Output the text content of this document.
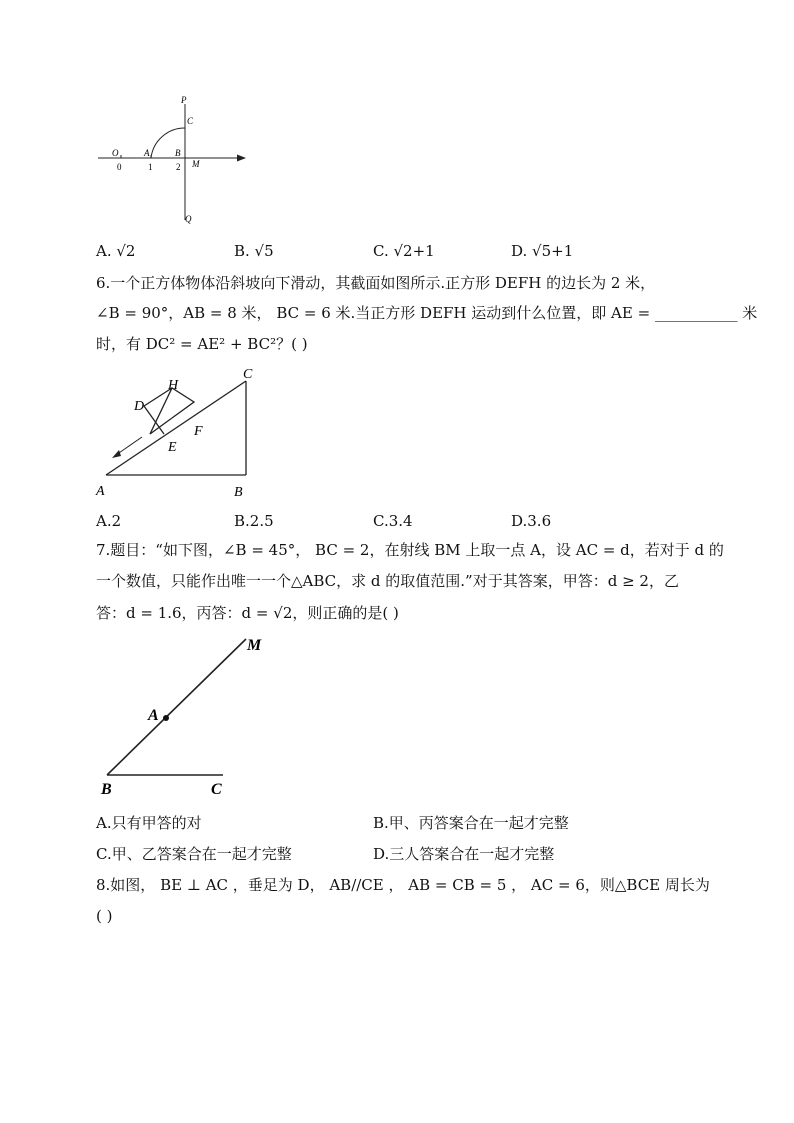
P
C
O	A	B
M
Q
0	1	2
A. √2	B. √5	C. √2+1	D. √5+1
6.一个正方体物体沿斜坡向下滑动，其截面如图所示.正方形 DEFH 的边长为 2 米，
∠B = 90°，AB = 8 米， BC = 6 米.当正方形 DEFH 运动到什么位置，即 AE = ___________ 米
时，有 DC² = AE² + BC²？( )
A	B
C
D
E
F
H
A.2	B.2.5	C.3.4	D.3.6
7.题目：“如下图，∠B = 45°， BC = 2，在射线 BM 上取一点 A，设 AC = d，若对于 d 的
一个数值，只能作出唯一一个△ABC，求 d 的取值范围.”对于其答案，甲答：d ≥ 2，乙
答：d = 1.6，丙答：d = √2，则正确的是( )
M
A
B	C
A.只有甲答的对	B.甲、丙答案合在一起才完整
C.甲、乙答案合在一起才完整	D.三人答案合在一起才完整
8.如图， BE ⊥ AC ，垂足为 D， AB//CE ， AB = CB = 5 ， AC = 6，则△BCE 周长为
( )
